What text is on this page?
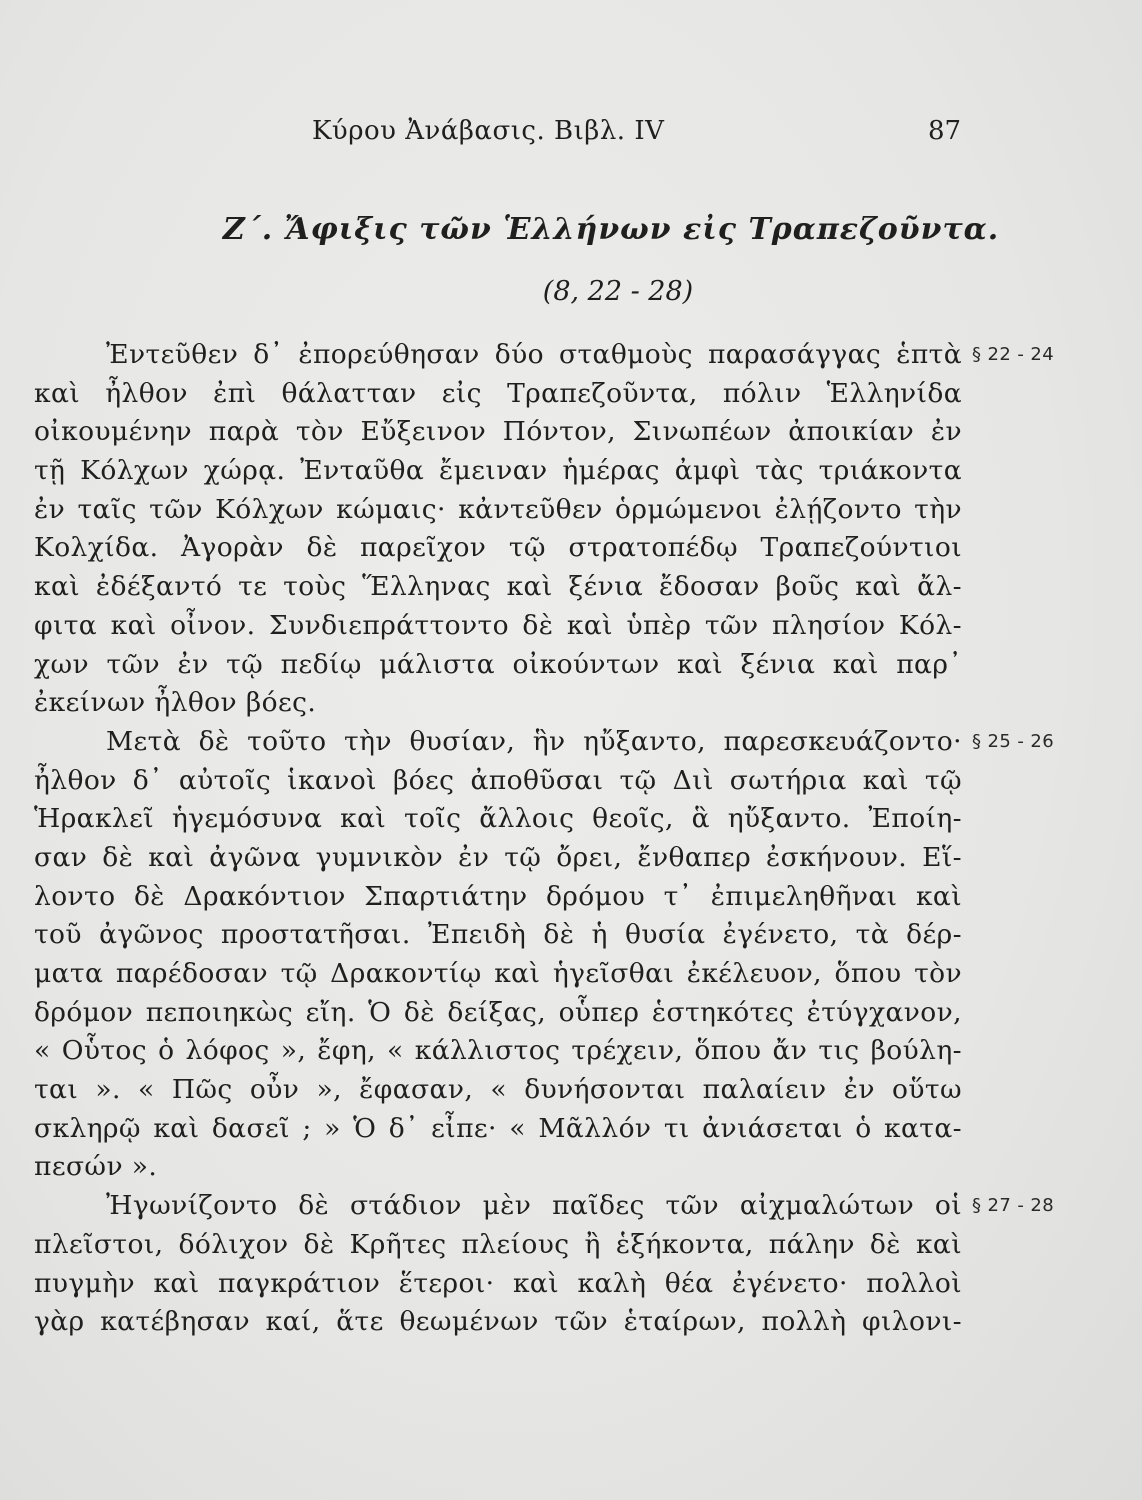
Κύρου Ἀνάβασις. Βιβλ. IV	87
Ζ΄. Ἄφιξις τῶν Ἑλλήνων εἰς Τραπεζοῦντα.
(8, 22 - 28)
Ἐντεῦθεν δ᾽ ἐπορεύθησαν δύο σταθμοὺς παρασάγγας ἑπτὰ § 22 - 24
καὶ ἦλθον ἐπὶ θάλατταν εἰς Τραπεζοῦντα, πόλιν Ἑλληνίδα
οἰκουμένην παρὰ τὸν Εὔξεινον Πόντον, Σινωπέων ἀποικίαν ἐν
τῇ Κόλχων χώρᾳ. Ἐνταῦθα ἔμειναν ἡμέρας ἀμφὶ τὰς τριάκοντα
ἐν ταῖς τῶν Κόλχων κώμαις· κἀντεῦθεν ὁρμώμενοι ἐλῄζοντο τὴν
Κολχίδα. Ἀγορὰν δὲ παρεῖχον τῷ στρατοπέδῳ Τραπεζούντιοι
καὶ ἐδέξαντό τε τοὺς Ἕλληνας καὶ ξένια ἔδοσαν βοῦς καὶ ἄλ-
φιτα καὶ οἶνον. Συνδιεπράττοντο δὲ καὶ ὑπὲρ τῶν πλησίον Κόλ-
χων τῶν ἐν τῷ πεδίῳ μάλιστα οἰκούντων καὶ ξένια καὶ παρ᾽
ἐκείνων ἦλθον βόες.
Μετὰ δὲ τοῦτο τὴν θυσίαν, ἣν ηὔξαντο, παρεσκευάζοντο· § 25 - 26
ἦλθον δ᾽ αὐτοῖς ἱκανοὶ βόες ἀποθῦσαι τῷ Διὶ σωτήρια καὶ τῷ
Ἡρακλεῖ ἡγεμόσυνα καὶ τοῖς ἄλλοις θεοῖς, ἃ ηὔξαντο. Ἐποίη-
σαν δὲ καὶ ἀγῶνα γυμνικὸν ἐν τῷ ὄρει, ἔνθαπερ ἐσκήνουν. Εἵ-
λοντο δὲ Δρακόντιον Σπαρτιάτην δρόμου τ᾽ ἐπιμεληθῆναι καὶ
τοῦ ἀγῶνος προστατῆσαι. Ἐπειδὴ δὲ ἡ θυσία ἐγένετο, τὰ δέρ-
ματα παρέδοσαν τῷ Δρακοντίῳ καὶ ἡγεῖσθαι ἐκέλευον, ὅπου τὸν
δρόμον πεποιηκὼς εἴη. Ὁ δὲ δείξας, οὗπερ ἑστηκότες ἐτύγχανον,
« Οὗτος ὁ λόφος », ἔφη, « κάλλιστος τρέχειν, ὅπου ἄν τις βούλη-
ται ». « Πῶς οὖν », ἔφασαν, « δυνήσονται παλαίειν ἐν οὕτω
σκληρῷ καὶ δασεῖ ; » Ὁ δ᾽ εἶπε· « Μᾶλλόν τι ἀνιάσεται ὁ κατα-
πεσών ».
Ἠγωνίζοντο δὲ στάδιον μὲν παῖδες τῶν αἰχμαλώτων οἱ § 27 - 28
πλεῖστοι, δόλιχον δὲ Κρῆτες πλείους ἢ ἑξήκοντα, πάλην δὲ καὶ
πυγμὴν καὶ παγκράτιον ἕτεροι· καὶ καλὴ θέα ἐγένετο· πολλοὶ
γὰρ κατέβησαν καί, ἅτε θεωμένων τῶν ἑταίρων, πολλὴ φιλονι-
